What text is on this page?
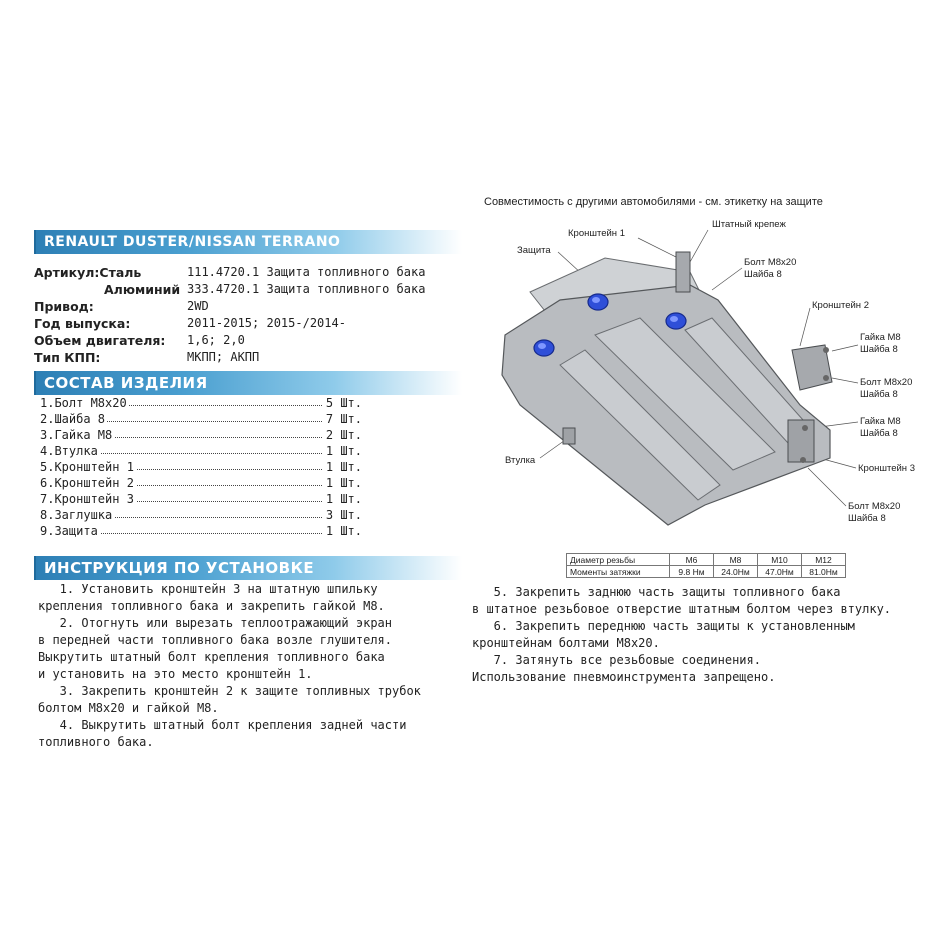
RENAULT DUSTER/NISSAN TERRANO
Артикул:Сталь	111.4720.1 Защита топливного бака
Алюминий 333.4720.1 Защита топливного бака
Привод:	2WD
Год выпуска:	2011-2015; 2015-/2014-
Объем двигателя: 1,6; 2,0
Тип КПП:	МКПП; АКПП
СОСТАВ ИЗДЕЛИЯ
1.Болт М8х20	5 Шт.
2.Шайба 8	7 Шт.
3.Гайка М8	2 Шт.
4.Втулка	1 Шт.
5.Кронштейн 1	1 Шт.
6.Кронштейн 2	1 Шт.
7.Кронштейн 3	1 Шт.
8.Заглушка	3 Шт.
9.Защита	1 Шт.
ИНСТРУКЦИЯ ПО УСТАНОВКЕ
1. Установить кронштейн 3 на штатную шпильку
крепления топливного бака и закрепить гайкой М8.
2. Отогнуть или вырезать теплоотражающий экран
в передней части топливного бака возле глушителя.
Выкрутить штатный болт крепления топливного бака
и установить на это место кронштейн 1.
3. Закрепить кронштейн 2 к защите топливных трубок
болтом М8х20 и гайкой М8.
4. Выкрутить штатный болт крепления задней части
топливного бака.
5. Закрепить заднюю часть защиты топливного бака
в штатное резьбовое отверстие штатным болтом через втулку.
6. Закрепить переднюю часть защиты к установленным
кронштейнам болтами М8х20.
7. Затянуть все резьбовые соединения.
Использование пневмоинструмента запрещено.
Совместимость с другими автомобилями - см. этикетку на защите
Кронштейн 1
Штатный крепеж
Защита
Болт М8х20
Шайба 8
Кронштейн 2
Гайка М8
Шайба 8
Болт М8х20
Шайба 8
Гайка М8
Шайба 8
Втулка
Кронштейн 3
Болт М8х20
Шайба 8
Диаметр резьбы	М6	М8	М10	М12
Моменты затяжки	9.8 Нм	24.0Нм	47.0Нм	81.0Нм
